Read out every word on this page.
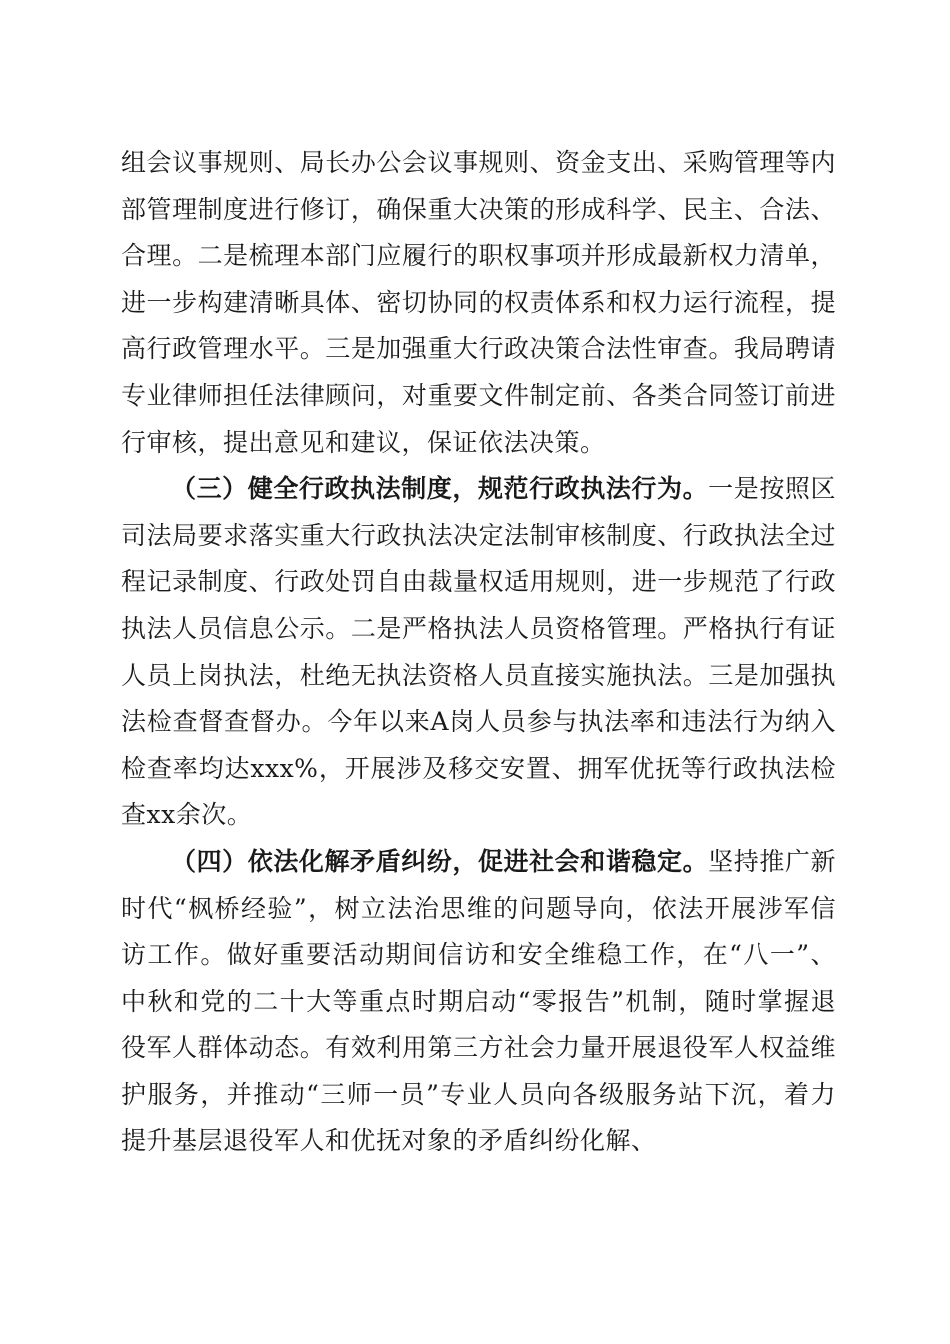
组会议事规则、局长办公会议事规则、资金支出、采购管理等内部管理制度进行修订，确保重大决策的形成科学、民主、合法、合理。二是梳理本部门应履行的职权事项并形成最新权力清单，进一步构建清晰具体、密切协同的权责体系和权力运行流程，提高行政管理水平。三是加强重大行政决策合法性审查。我局聘请专业律师担任法律顾问，对重要文件制定前、各类合同签订前进行审核，提出意见和建议，保证依法决策。

（三）健全行政执法制度，规范行政执法行为。一是按照区司法局要求落实重大行政执法决定法制审核制度、行政执法全过程记录制度、行政处罚自由裁量权适用规则，进一步规范了行政执法人员信息公示。二是严格执法人员资格管理。严格执行有证人员上岗执法，杜绝无执法资格人员直接实施执法。三是加强执法检查督查督办。今年以来A岗人员参与执法率和违法行为纳入检查率均达xxx%，开展涉及移交安置、拥军优抚等行政执法检查xx余次。

（四）依法化解矛盾纠纷，促进社会和谐稳定。坚持推广新时代“枫桥经验”，树立法治思维的问题导向，依法开展涉军信访工作。做好重要活动期间信访和安全维稳工作，在“八一”、中秋和党的二十大等重点时期启动“零报告”机制，随时掌握退役军人群体动态。有效利用第三方社会力量开展退役军人权益维护服务，并推动“三师一员”专业人员向各级服务站下沉，着力提升基层退役军人和优抚对象的矛盾纠纷化解、
